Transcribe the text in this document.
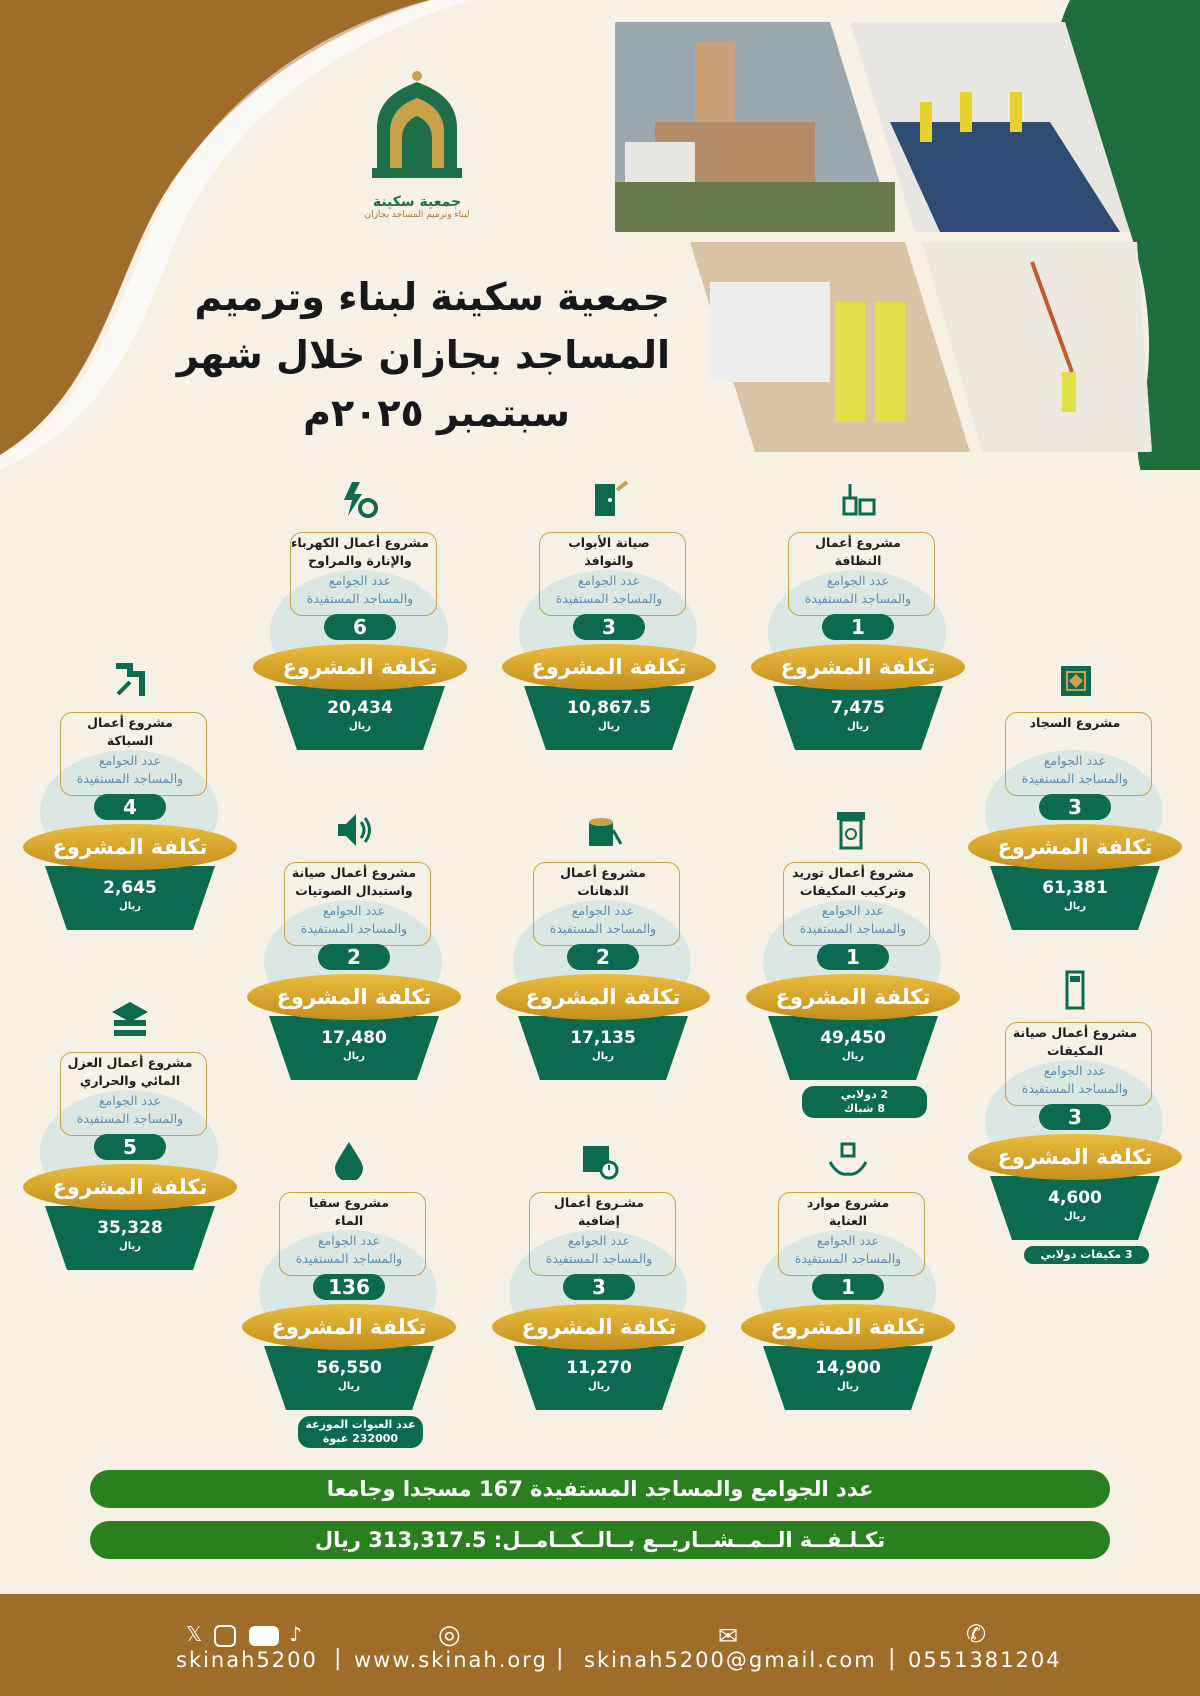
جمعية سكينة
لبناء وترميم المساجد بجازان
جمعية سكينة لبناء وترميم
المساجد بجازان خلال شهر
سبتمبر ٢٠٢٥م
مشروع أعمال
النظافة
عدد الجوامع
والمساجد المستفيدة
1
تكلفة المشروع
7,475
ريال
صيانة الأبواب
والنوافذ
عدد الجوامع
والمساجد المستفيدة
3
تكلفة المشروع
10,867.5
ريال
مشروع أعمال الكهرباء
والإنارة والمراوح
عدد الجوامع
والمساجد المستفيدة
6
تكلفة المشروع
20,434
ريال	مشروع السجاد
عدد الجوامع
والمساجد المستفيدة
3
تكلفة المشروع
61,381
ريال
مشروع أعمال توريد
وتركيب المكيفات
عدد الجوامع
والمساجد المستفيدة
1
تكلفة المشروع
49,450
ريال
2 دولابي
8 شباك
مشروع أعمال
الدهانات
عدد الجوامع
والمساجد المستفيدة
2
تكلفة المشروع
17,135
ريال
مشروع أعمال صيانة
واستبدال الصوتيات
عدد الجوامع
والمساجد المستفيدة
2
تكلفة المشروع
17,480
ريال
مشروع أعمال
السباكة
عدد الجوامع
والمساجد المستفيدة
4
تكلفة المشروع
2,645
ريال
مشروع أعمال صيانة
المكيفات
عدد الجوامع
والمساجد المستفيدة
3
تكلفة المشروع
4,600
ريال
3 مكيفات دولابي
مشروع موارد
العناية
عدد الجوامع
والمساجد المستفيدة
1
تكلفة المشروع
14,900
ريال
مشـروع أعمال
إضافية
عدد الجوامع
والمساجد المستفيدة
3
تكلفة المشروع
11,270
ريال
مشروع سقيا
الماء
عدد الجوامع
والمساجد المستفيدة
136
تكلفة المشروع
56,550
ريال
عدد العبوات الموزعة
232000 عبوة
مشروع أعمال العزل
المائي والحراري
عدد الجوامع
والمساجد المستفيدة
5
تكلفة المشروع
35,328
ريال
عدد الجوامع والمساجد المستفيدة 167 مسجدا وجامعا
تكـلـفــة الــمــشــاريــع بــالــكــامــل: 313,317.5 ريال
𝕏	♪	◎	✉	✆
skinah5200 | www.skinah.org | skinah5200@gmail.com | 0551381204
